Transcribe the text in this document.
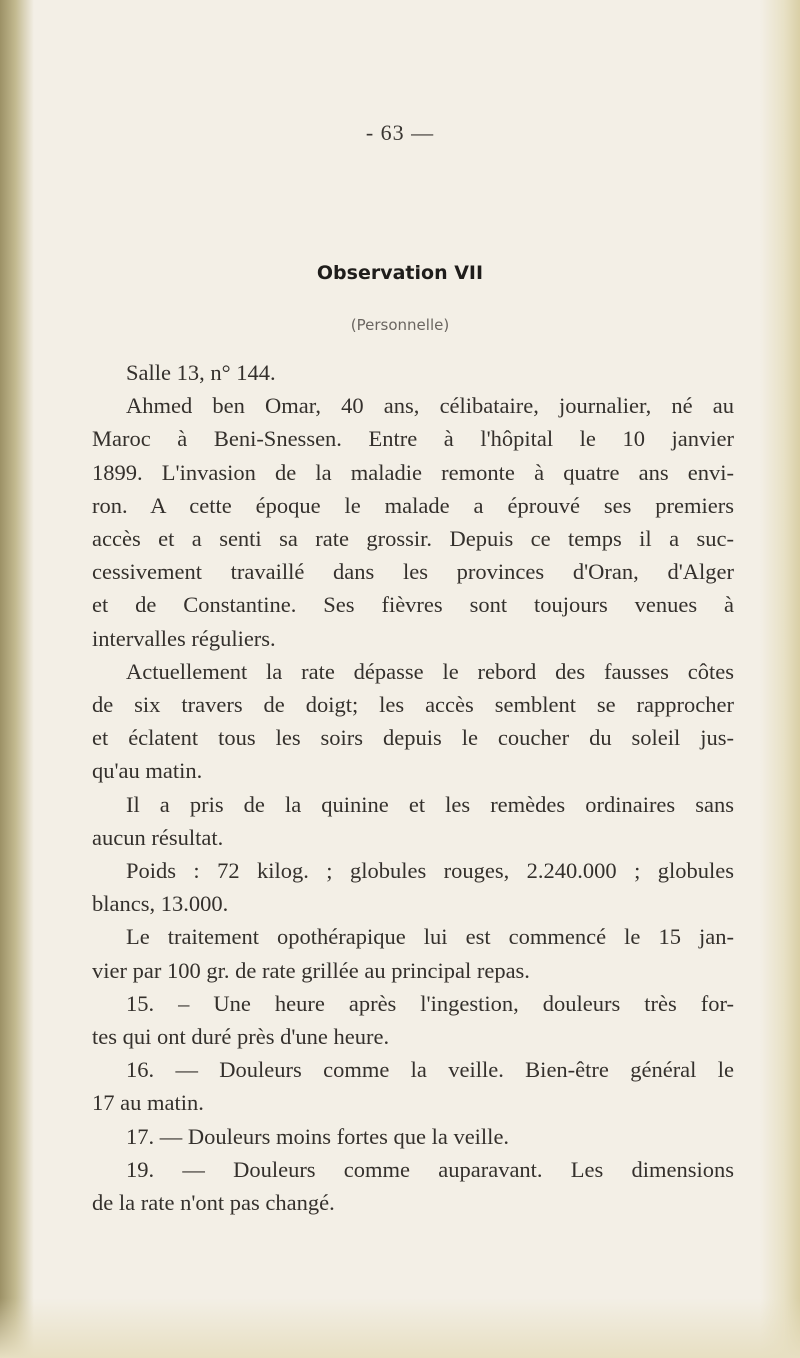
- 63 —
Observation VII
(Personnelle)
Salle 13, n° 144.
Ahmed ben Omar, 40 ans, célibataire, journalier, né au
Maroc à Beni-Snessen. Entre à l'hôpital le 10 janvier
1899. L'invasion de la maladie remonte à quatre ans envi-
ron. A cette époque le malade a éprouvé ses premiers
accès et a senti sa rate grossir. Depuis ce temps il a suc-
cessivement travaillé dans les provinces d'Oran, d'Alger
et de Constantine. Ses fièvres sont toujours venues à
intervalles réguliers.
Actuellement la rate dépasse le rebord des fausses côtes
de six travers de doigt; les accès semblent se rapprocher
et éclatent tous les soirs depuis le coucher du soleil jus-
qu'au matin.
Il a pris de la quinine et les remèdes ordinaires sans
aucun résultat.
Poids : 72 kilog. ; globules rouges, 2.240.000 ; globules
blancs, 13.000.
Le traitement opothérapique lui est commencé le 15 jan-
vier par 100 gr. de rate grillée au principal repas.
15. – Une heure après l'ingestion, douleurs très for-
tes qui ont duré près d'une heure.
16. — Douleurs comme la veille. Bien-être général le
17 au matin.
17. — Douleurs moins fortes que la veille.
19. — Douleurs comme auparavant. Les dimensions
de la rate n'ont pas changé.
